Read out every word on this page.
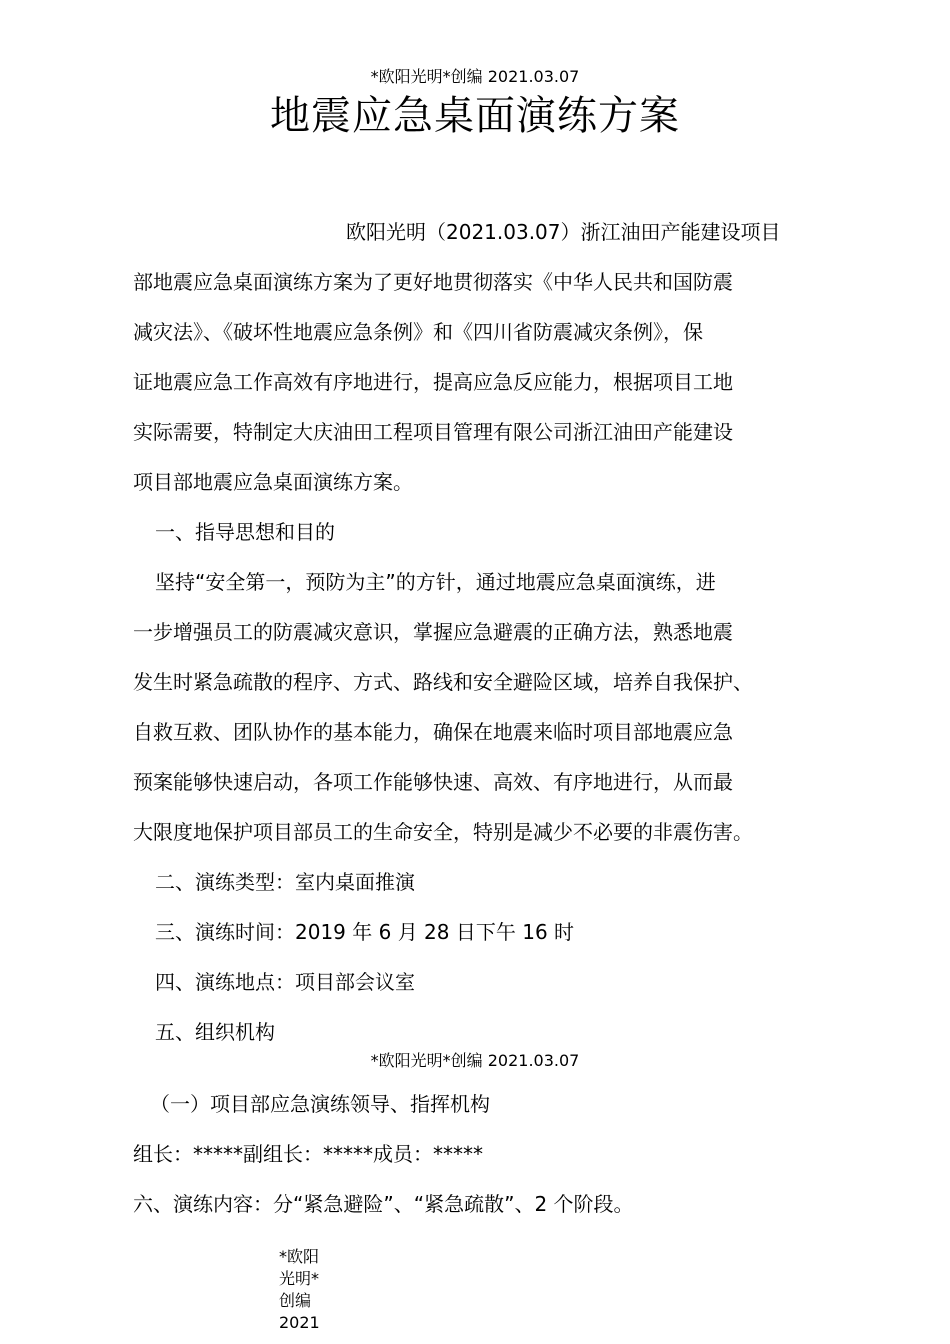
*欧阳光明*创编 2021.03.07
地震应急桌面演练方案
欧阳光明（2021.03.07）浙江油田产能建设项目
部地震应急桌面演练方案为了更好地贯彻落实《中华人民共和国防震
减灾法》、《破坏性地震应急条例》和《四川省防震减灾条例》，保
证地震应急工作高效有序地进行，提高应急反应能力，根据项目工地
实际需要，特制定大庆油田工程项目管理有限公司浙江油田产能建设
项目部地震应急桌面演练方案。
一、指导思想和目的
坚持“安全第一，预防为主”的方针，通过地震应急桌面演练，进
一步增强员工的防震减灾意识，掌握应急避震的正确方法，熟悉地震
发生时紧急疏散的程序、方式、路线和安全避险区域，培养自我保护、
自救互救、团队协作的基本能力，确保在地震来临时项目部地震应急
预案能够快速启动，各项工作能够快速、高效、有序地进行，从而最
大限度地保护项目部员工的生命安全，特别是减少不必要的非震伤害。
二、演练类型：室内桌面推演
三、演练时间：2019 年 6 月 28 日下午 16 时
四、演练地点：项目部会议室
五、组织机构
*欧阳光明*创编 2021.03.07
（一）项目部应急演练领导、指挥机构
组长：*****副组长：*****成员：*****
六、演练内容：分“紧急避险”、“紧急疏散”、2 个阶段。
*欧阳光明*创编 2021
